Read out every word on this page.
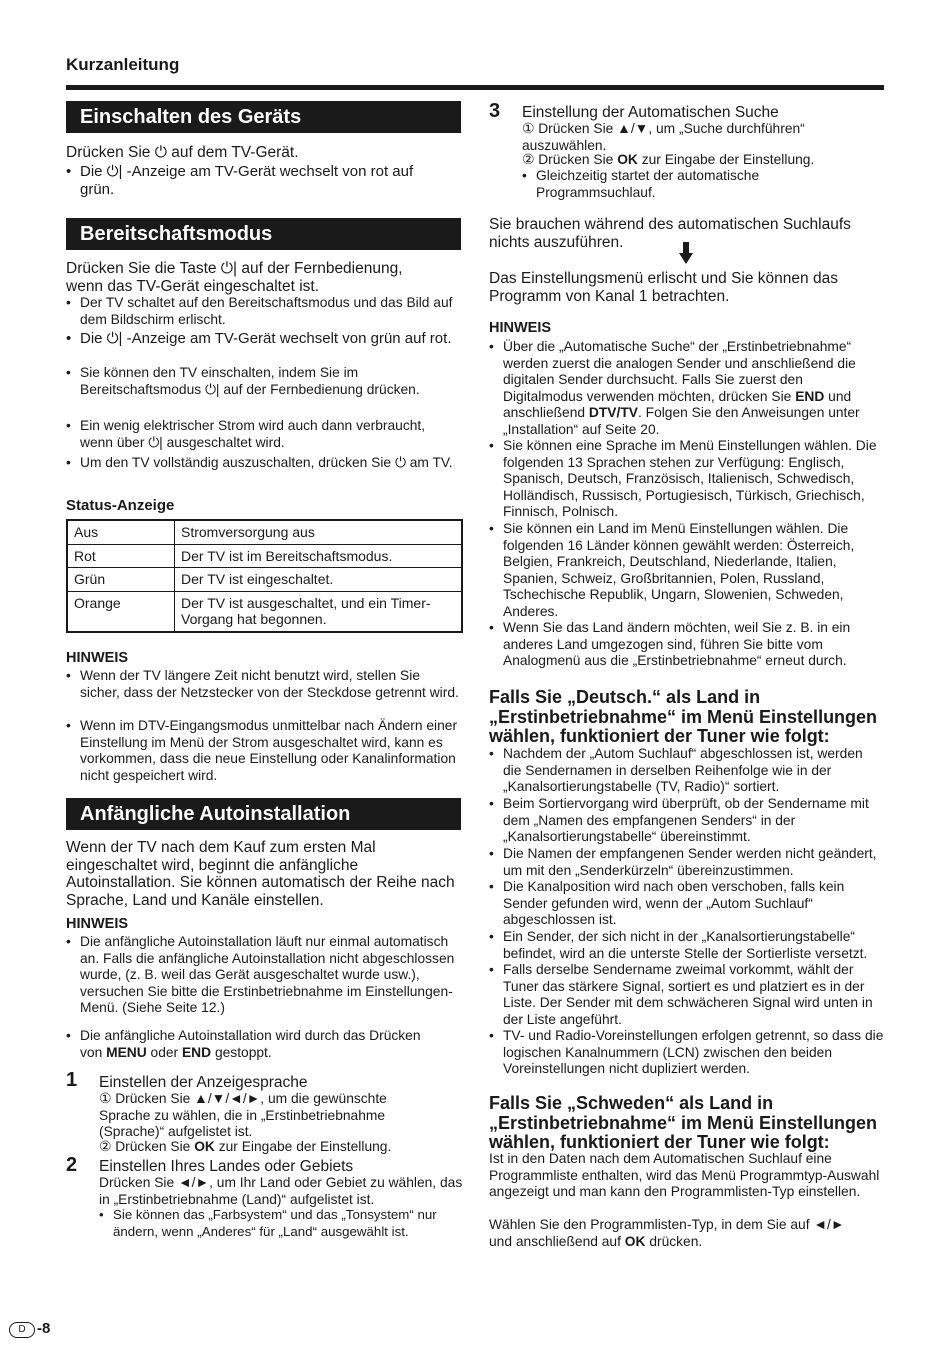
Kurzanleitung
Einschalten des Geräts
Drücken Sie ⏻ auf dem TV-Gerät.
• Die ⏻| -Anzeige am TV-Gerät wechselt von rot auf
grün.
Bereitschaftsmodus
Drücken Sie die Taste ⏻| auf der Fernbedienung,
wenn das TV-Gerät eingeschaltet ist.
• Der TV schaltet auf den Bereitschaftsmodus und das Bild auf dem Bildschirm erlischt.
• Die ⏻| -Anzeige am TV-Gerät wechselt von grün auf rot.
• Sie können den TV einschalten, indem Sie im Bereitschaftsmodus ⏻| auf der Fernbedienung drücken.
• Ein wenig elektrischer Strom wird auch dann verbraucht, wenn über ⏻| ausgeschaltet wird.
• Um den TV vollständig auszuschalten, drücken Sie ⏻ am TV.
Status-Anzeige
Aus	Stromversorgung aus
Rot	Der TV ist im Bereitschaftsmodus.
Grün	Der TV ist eingeschaltet.
Orange	Der TV ist ausgeschaltet, und ein Timer-Vorgang hat begonnen.
HINWEIS
• Wenn der TV längere Zeit nicht benutzt wird, stellen Sie sicher, dass der Netzstecker von der Steckdose getrennt wird.
• Wenn im DTV-Eingangsmodus unmittelbar nach Ändern einer Einstellung im Menü der Strom ausgeschaltet wird, kann es vorkommen, dass die neue Einstellung oder Kanalinformation nicht gespeichert wird.
Anfängliche Autoinstallation
Wenn der TV nach dem Kauf zum ersten Mal eingeschaltet wird, beginnt die anfängliche Autoinstallation. Sie können automatisch der Reihe nach Sprache, Land und Kanäle einstellen.
HINWEIS
• Die anfängliche Autoinstallation läuft nur einmal automatisch an. Falls die anfängliche Autoinstallation nicht abgeschlossen wurde, (z. B. weil das Gerät ausgeschaltet wurde usw.), versuchen Sie bitte die Erstinbetriebnahme im Einstellungen-Menü. (Siehe Seite 12.)
• Die anfängliche Autoinstallation wird durch das Drücken
von MENU oder END gestoppt.
1 Einstellen der Anzeigesprache
① Drücken Sie ▲/▼/◄/►, um die gewünschte Sprache zu wählen, die in „Erstinbetriebnahme (Sprache)“ aufgelistet ist.
② Drücken Sie OK zur Eingabe der Einstellung.
2 Einstellen Ihres Landes oder Gebiets
Drücken Sie ◄/►, um Ihr Land oder Gebiet zu wählen, das in „Erstinbetriebnahme (Land)“ aufgelistet ist.
• Sie können das „Farbsystem“ und das „Tonsystem“ nur ändern, wenn „Anderes“ für „Land“ ausgewählt ist.
3 Einstellung der Automatischen Suche
① Drücken Sie ▲/▼, um „Suche durchführen“ auszuwählen.
② Drücken Sie OK zur Eingabe der Einstellung.
• Gleichzeitig startet der automatische Programmsuchlauf.
Sie brauchen während des automatischen Suchlaufs nichts auszuführen.
Das Einstellungsmenü erlischt und Sie können das Programm von Kanal 1 betrachten.
HINWEIS
• Über die „Automatische Suche“ der „Erstinbetriebnahme“ werden zuerst die analogen Sender und anschließend die digitalen Sender durchsucht. Falls Sie zuerst den Digitalmodus verwenden möchten, drücken Sie END und anschließend DTV/TV. Folgen Sie den Anweisungen unter „Installation“ auf Seite 20.
• Sie können eine Sprache im Menü Einstellungen wählen. Die folgenden 13 Sprachen stehen zur Verfügung: Englisch, Spanisch, Deutsch, Französisch, Italienisch, Schwedisch, Holländisch, Russisch, Portugiesisch, Türkisch, Griechisch, Finnisch, Polnisch.
• Sie können ein Land im Menü Einstellungen wählen. Die folgenden 16 Länder können gewählt werden: Österreich, Belgien, Frankreich, Deutschland, Niederlande, Italien, Spanien, Schweiz, Großbritannien, Polen, Russland, Tschechische Republik, Ungarn, Slowenien, Schweden, Anderes.
• Wenn Sie das Land ändern möchten, weil Sie z. B. in ein anderes Land umgezogen sind, führen Sie bitte vom Analogmenü aus die „Erstinbetriebnahme“ erneut durch.
Falls Sie „Deutsch.“ als Land in „Erstinbetriebnahme“ im Menü Einstellungen wählen, funktioniert der Tuner wie folgt:
• Nachdem der „Autom Suchlauf“ abgeschlossen ist, werden die Sendernamen in derselben Reihenfolge wie in der „Kanalsortierungstabelle (TV, Radio)“ sortiert.
• Beim Sortiervorgang wird überprüft, ob der Sendername mit dem „Namen des empfangenen Senders“ in der „Kanalsortierungstabelle“ übereinstimmt.
• Die Namen der empfangenen Sender werden nicht geändert, um mit den „Senderkürzeln“ übereinzustimmen.
• Die Kanalposition wird nach oben verschoben, falls kein Sender gefunden wird, wenn der „Autom Suchlauf“ abgeschlossen ist.
• Ein Sender, der sich nicht in der „Kanalsortierungstabelle“ befindet, wird an die unterste Stelle der Sortierliste versetzt.
• Falls derselbe Sendername zweimal vorkommt, wählt der Tuner das stärkere Signal, sortiert es und platziert es in der Liste. Der Sender mit dem schwächeren Signal wird unten in der Liste angeführt.
• TV- und Radio-Voreinstellungen erfolgen getrennt, so dass die logischen Kanalnummern (LCN) zwischen den beiden Voreinstellungen nicht dupliziert werden.
Falls Sie „Schweden“ als Land in „Erstinbetriebnahme“ im Menü Einstellungen wählen, funktioniert der Tuner wie folgt:
Ist in den Daten nach dem Automatischen Suchlauf eine Programmliste enthalten, wird das Menü Programmtyp-Auswahl angezeigt und man kann den Programmlisten-Typ einstellen.
Wählen Sie den Programmlisten-Typ, in dem Sie auf ◄/►
und anschließend auf OK drücken.
D -8
